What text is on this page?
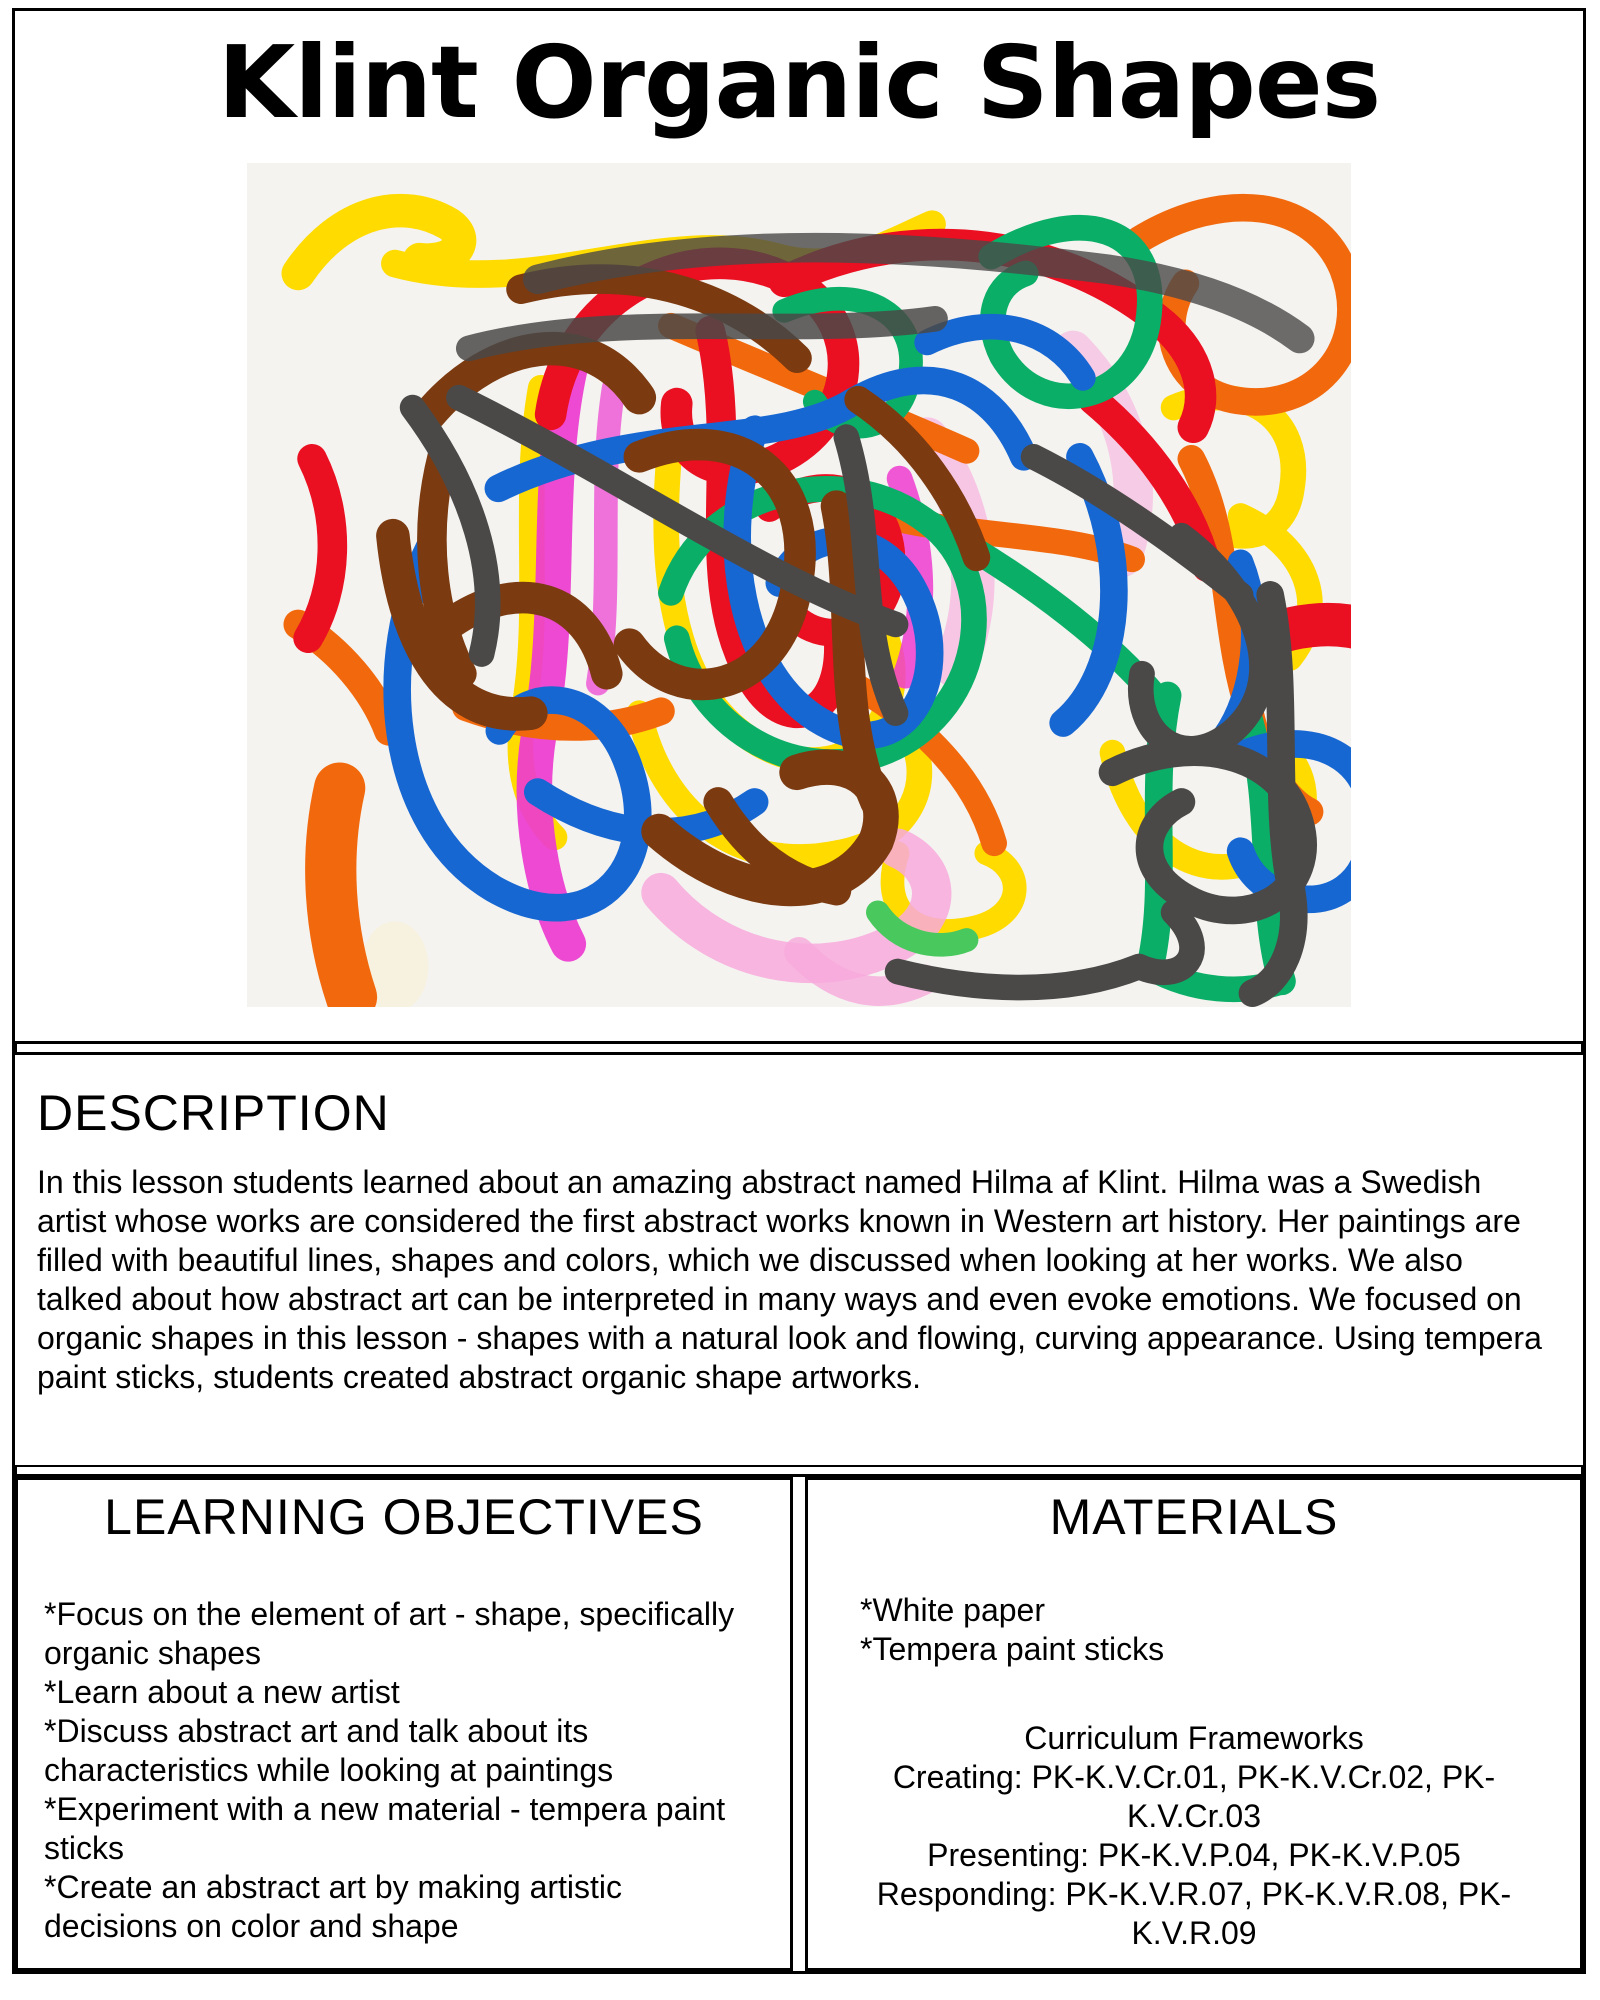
Klint Organic Shapes
DESCRIPTION
In this lesson students learned about an amazing abstract named Hilma af Klint. Hilma was a Swedish artist whose works are considered the first abstract works known in Western art history. Her paintings are filled with beautiful lines, shapes and colors, which we discussed when looking at her works. We also talked about how abstract art can be interpreted in many ways and even evoke emotions. We focused on organic shapes in this lesson - shapes with a natural look and flowing, curving appearance. Using tempera paint sticks, students created abstract organic shape artworks.
LEARNING OBJECTIVES
*Focus on the element of art - shape, specifically organic shapes
*Learn about a new artist
*Discuss abstract art and talk about its characteristics while looking at paintings
*Experiment with a new material - tempera paint sticks
*Create an abstract art by making artistic decisions on color and shape
MATERIALS
*White paper
*Tempera paint sticks
Curriculum Frameworks
Creating: PK-K.V.Cr.01, PK-K.V.Cr.02, PK-K.V.Cr.03
Presenting: PK-K.V.P.04, PK-K.V.P.05
Responding: PK-K.V.R.07, PK-K.V.R.08, PK-K.V.R.09
